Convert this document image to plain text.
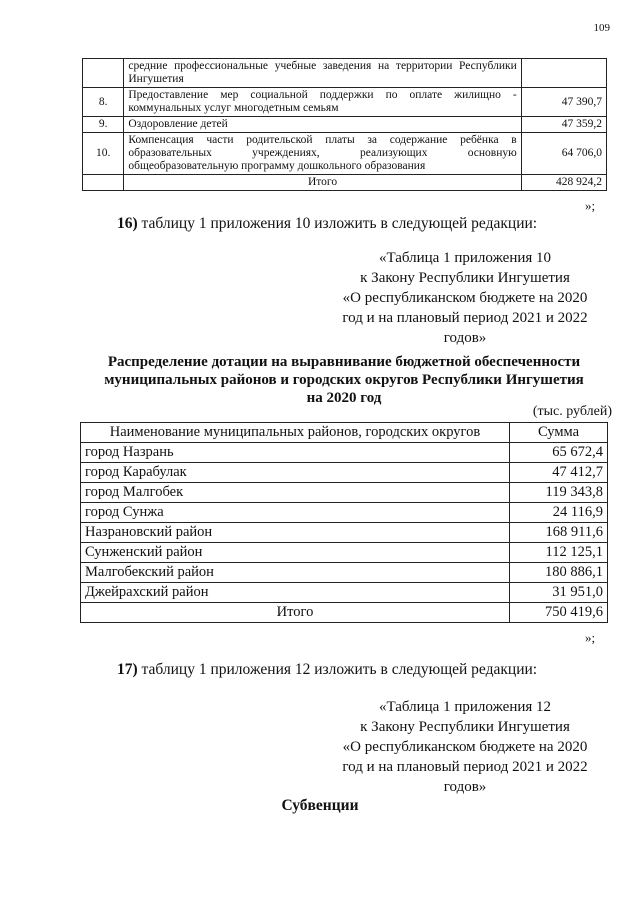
109
	средние профессиональные учебные заведения на территории Республики Ингушетия	
8.	Предоставление мер социальной поддержки по оплате жилищно - коммунальных услуг многодетным семьям	47 390,7
9.	Оздоровление детей	47 359,2
10.	Компенсация части родительской платы за содержание ребёнка в образовательных учреждениях, реализующих основную общеобразовательную программу дошкольного образования	64 706,0
	Итого	428 924,2
»;
16) таблицу 1 приложения 10 изложить в следующей редакции:
«Таблица 1 приложения 10
к Закону Республики Ингушетия
«О республиканском бюджете на 2020
год и на плановый период 2021 и 2022
годов»
Распределение дотации на выравнивание бюджетной обеспеченности
муниципальных районов и городских округов Республики Ингушетия
на 2020 год
(тыс. рублей)
Наименование муниципальных районов, городских округов	Сумма
город Назрань	65 672,4
город Карабулак	47 412,7
город Малгобек	119 343,8
город Сунжа	24 116,9
Назрановский район	168 911,6
Сунженский район	112 125,1
Малгобекский район	180 886,1
Джейрахский район	31 951,0
Итого	750 419,6
»;
17) таблицу 1 приложения 12 изложить в следующей редакции:
«Таблица 1 приложения 12
к Закону Республики Ингушетия
«О республиканском бюджете на 2020
год и на плановый период 2021 и 2022
годов»
Субвенции
